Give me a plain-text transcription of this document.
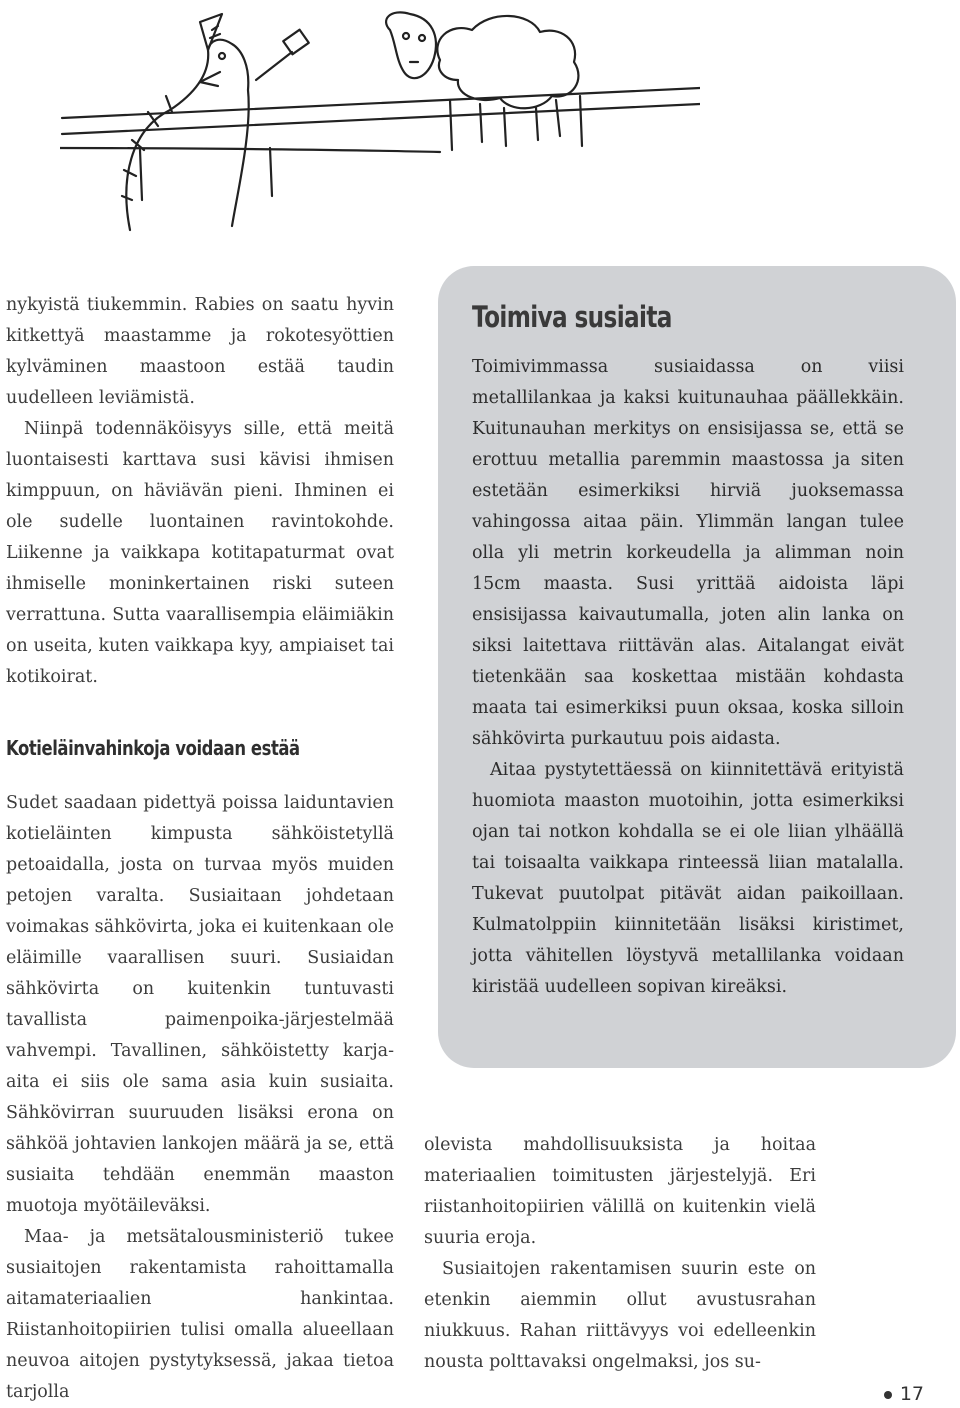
nykyistä tiukemmin. Rabies on saatu hyvin kitkettyä maastamme ja rokotesyöttien kylväminen maastoon estää taudin uudelleen leviämistä.

Niinpä todennäköisyys sille, että meitä luontaisesti karttava susi kävisi ihmisen kimppuun, on häviävän pieni. Ihminen ei ole sudelle luontainen ravintokohde. Liikenne ja vaikkapa kotitapaturmat ovat ihmiselle moninkertainen riski suteen verrattuna. Sutta vaarallisempia eläimiäkin on useita, kuten vaikkapa kyy, ampiaiset tai kotikoirat.

Kotieläinvahinkoja voidaan estää

Sudet saadaan pidettyä poissa laiduntavien kotieläinten kimpusta sähköistetyllä petoaidalla, josta on turvaa myös muiden petojen varalta. Susiaitaan johdetaan voimakas sähkövirta, joka ei kuitenkaan ole eläimille vaarallisen suuri. Susiaidan sähkövirta on kuitenkin tuntuvasti tavallista paimenpoika-järjestelmää vahvempi. Tavallinen, sähköistetty karja-aita ei siis ole sama asia kuin susiaita. Sähkövirran suuruuden lisäksi erona on sähköä johtavien lankojen määrä ja se, että susiaita tehdään enemmän maaston muotoja myötäileväksi.

Maa- ja metsätalousministeriö tukee susiaitojen rakentamista rahoittamalla aitamateriaalien hankintaa. Riistanhoitopiirien tulisi omalla alueellaan neuvoa aitojen pystytyksessä, jakaa tietoa tarjolla

Toimiva susiaita

Toimivimmassa susiaidassa on viisi metallilankaa ja kaksi kuitunauhaa päällekkäin. Kuitunauhan merkitys on ensisijassa se, että se erottuu metallia paremmin maastossa ja siten estetään esimerkiksi hirviä juoksemassa vahingossa aitaa päin. Ylimmän langan tulee olla yli metrin korkeudella ja alimman noin 15cm maasta. Susi yrittää aidoista läpi ensisijassa kaivautumalla, joten alin lanka on siksi laitettava riittävän alas. Aitalangat eivät tietenkään saa koskettaa mistään kohdasta maata tai esimerkiksi puun oksaa, koska silloin sähkövirta purkautuu pois aidasta.

Aitaa pystytettäessä on kiinnitettävä erityistä huomiota maaston muotoihin, jotta esimerkiksi ojan tai notkon kohdalla se ei ole liian ylhäällä tai toisaalta vaikkapa rinteessä liian matalalla. Tukevat puutolpat pitävät aidan paikoillaan. Kulmatolppiin kiinnitetään lisäksi kiristimet, jotta vähitellen löystyvä metallilanka voidaan kiristää uudelleen sopivan kireäksi.

olevista mahdollisuuksista ja hoitaa materiaalien toimitusten järjestelyjä. Eri riistanhoitopiirien välillä on kuitenkin vielä suuria eroja.

Susiaitojen rakentamisen suurin este on etenkin aiemmin ollut avustusrahan niukkuus. Rahan riittävyys voi edelleenkin nousta polttavaksi ongelmaksi, jos su-

17
